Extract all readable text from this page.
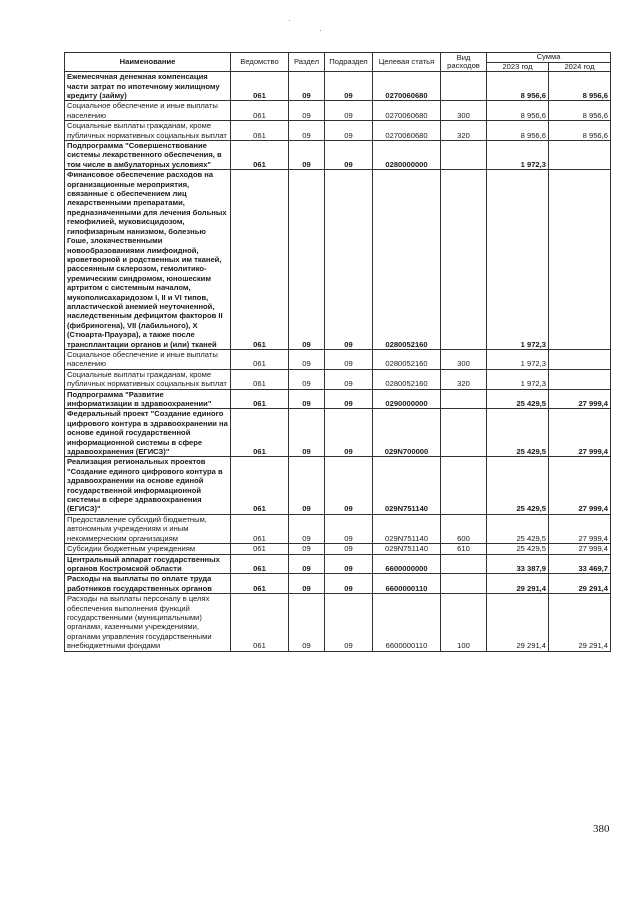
Наименование	Ведомство	Раздел	Подраздел	Целевая статья	Вид расходов	Сумма	
						2023 год	2024 год
Ежемесячная денежная компенсация части затрат по ипотечному жилищному кредиту (займу)	061	09	09	0270060680		8 956,6	8 956,6
Социальное обеспечение и иные выплаты населению	061	09	09	0270060680	300	8 956,6	8 956,6
Социальные выплаты гражданам, кроме публичных нормативных социальных выплат	061	09	09	0270060680	320	8 956,6	8 956,6
Подпрограмма "Совершенствование системы лекарственного обеспечения, в том числе в амбулаторных условиях"	061	09	09	0280000000		1 972,3	
Финансовое обеспечение расходов на организационные мероприятия, связанные с обеспечением лиц лекарственными препаратами, предназначенными для лечения больных гемофилией, муковисцидозом, гипофизарным нанизмом, болезнью Гоше, злокачественными новообразованиями лимфоидной, кроветворной и родственных им тканей, рассеянным склерозом, гемолитико-уремическим синдромом, юношеским артритом с системным началом, мукополисахаридозом I, II и VI типов, апластической анемией неуточненной, наследственным дефицитом факторов II (фибриногена), VII (лабильного), X (Стюарта-Прауэра), а также после трансплантации органов и (или) тканей	061	09	09	0280052160		1 972,3	
Социальное обеспечение и иные выплаты населению	061	09	09	0280052160	300	1 972,3	
Социальные выплаты гражданам, кроме публичных нормативных социальных выплат	061	09	09	0280052160	320	1 972,3	
Подпрограмма "Развитие информатизации в здравоохранении"	061	09	09	0290000000		25 429,5	27 999,4
Федеральный проект "Создание единого цифрового контура в здравоохранении на основе единой государственной информационной системы в сфере здравоохранения (ЕГИСЗ)"	061	09	09	029N700000		25 429,5	27 999,4
Реализация региональных проектов "Создание единого цифрового контура в здравоохранении на основе единой государственной информационной системы в сфере здравоохранения (ЕГИСЗ)"	061	09	09	029N751140		25 429,5	27 999,4
Предоставление субсидий бюджетным, автономным учреждениям и иным некоммерческим организациям	061	09	09	029N751140	600	25 429,5	27 999,4
Субсидии бюджетным учреждениям	061	09	09	029N751140	610	25 429,5	27 999,4
Центральный аппарат государственных органов Костромской области	061	09	09	6600000000		33 387,9	33 469,7
Расходы на выплаты по оплате труда работников государственных органов	061	09	09	6600000110		29 291,4	29 291,4
Расходы на выплаты персоналу в целях обеспечения выполнения функций государственными (муниципальными) органами, казенными учреждениями, органами управления государственными внебюджетными фондами	061	09	09	6600000110	100	29 291,4	29 291,4
380
